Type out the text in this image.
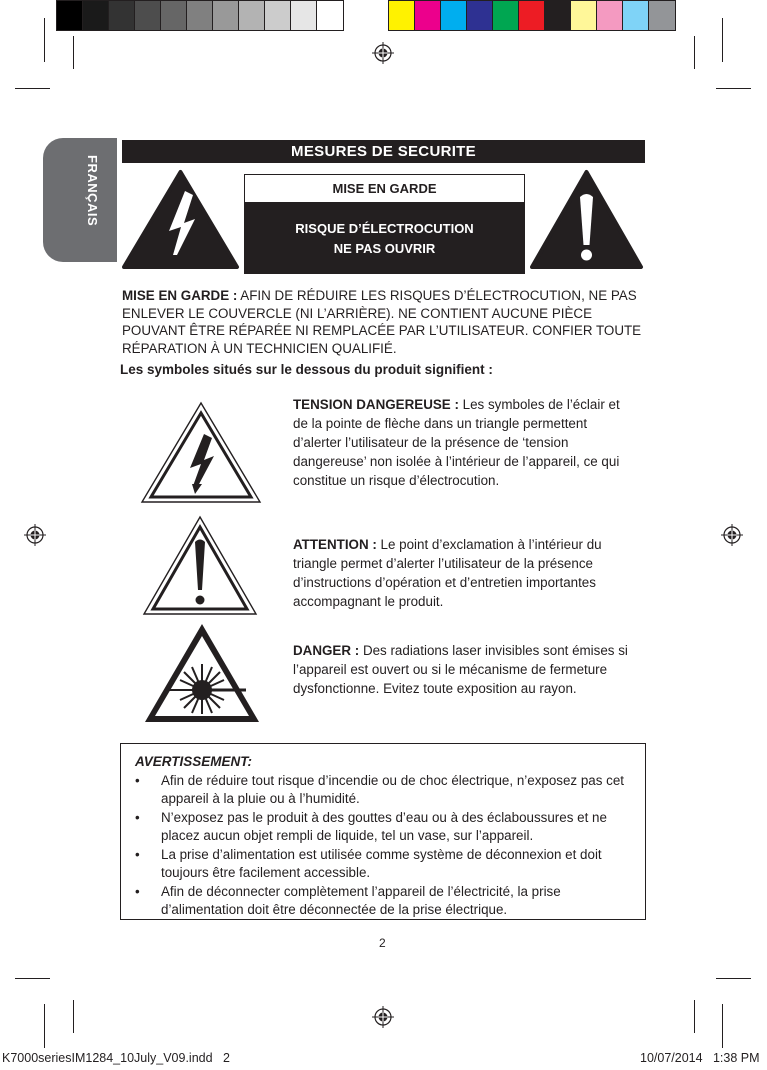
FRANÇAIS
MESURES DE SECURITE
MISE EN GARDE
RISQUE D’ÉLECTROCUTION
NE PAS OUVRIR
MISE EN GARDE : AFIN DE RÉDUIRE LES RISQUES D’ÉLECTROCUTION, NE PAS ENLEVER LE COUVERCLE (NI L’ARRIÈRE). NE CONTIENT AUCUNE PIÈCE POUVANT ÊTRE RÉPARÉE NI REMPLACÉE PAR L’UTILISATEUR. CONFIER TOUTE RÉPARATION À UN TECHNICIEN QUALIFIÉ.
Les symboles situés sur le dessous du produit signifient :
TENSION DANGEREUSE : Les symboles de l’éclair et de la pointe de flèche dans un triangle permettent d’alerter l’utilisateur de la présence de ‘tension dangereuse’ non isolée à l’intérieur de l’appareil, ce qui constitue un risque d’électrocution.
ATTENTION : Le point d’exclamation à l’intérieur du triangle permet d’alerter l’utilisateur de la présence d’instructions d’opération et d’entretien importantes accompagnant le produit.
DANGER : Des radiations laser invisibles sont émises si l’appareil est ouvert ou si le mécanisme de fermeture dysfonctionne. Evitez toute exposition au rayon.
AVERTISSEMENT:
• Afin de réduire tout risque d’incendie ou de choc électrique, n’exposez pas cet appareil à la pluie ou à l’humidité.
• N’exposez pas le produit à des gouttes d’eau ou à des éclaboussures et ne placez aucun objet rempli de liquide, tel un vase, sur l’appareil.
• La prise d’alimentation est utilisée comme système de déconnexion et doit toujours être facilement accessible.
• Afin de déconnecter complètement l’appareil de l’électricité, la prise d’alimentation doit être déconnectée de la prise électrique.
2
K7000seriesIM1284_10July_V09.indd   2	10/07/2014   1:38 PM
